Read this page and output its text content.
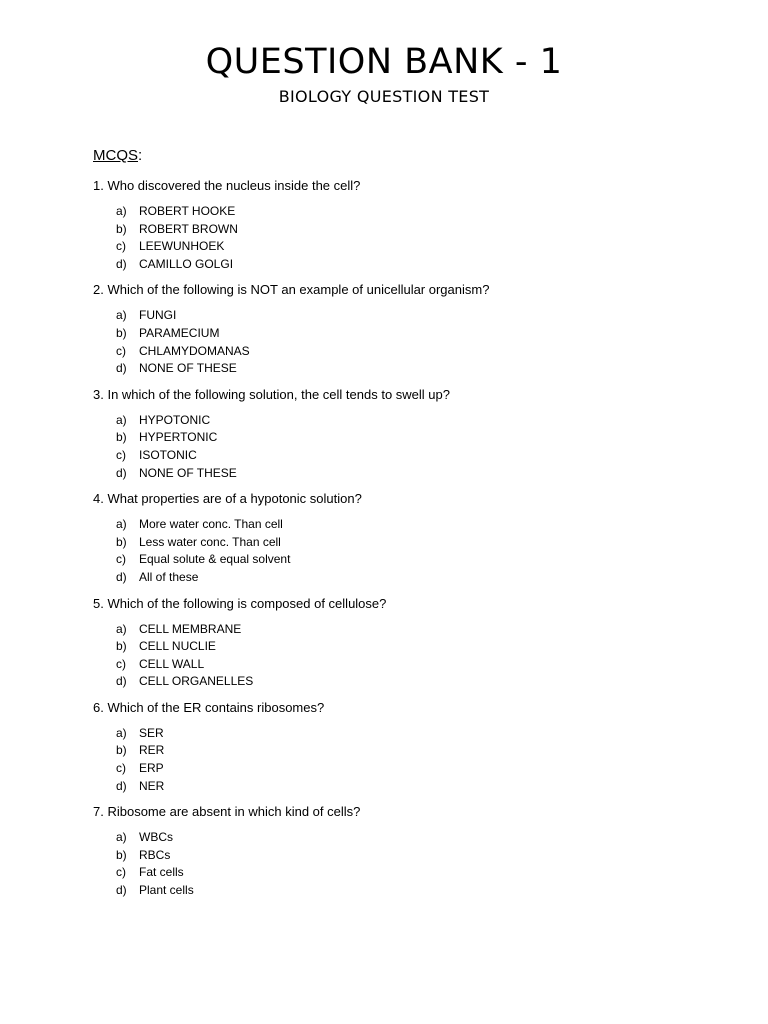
QUESTION BANK - 1
BIOLOGY QUESTION TEST
MCQS:
1. Who discovered the nucleus inside the cell?
a)	ROBERT HOOKE
b)	ROBERT BROWN
c)	LEEWUNHOEK
d)	CAMILLO GOLGI
2. Which of the following is NOT an example of unicellular organism?
a)	FUNGI
b)	PARAMECIUM
c)	CHLAMYDOMANAS
d)	NONE OF THESE
3. In which of the following solution, the cell tends to swell up?
a)	HYPOTONIC
b)	HYPERTONIC
c)	ISOTONIC
d)	NONE OF THESE
4. What properties are of a hypotonic solution?
a)	More water conc. Than cell
b)	Less water conc. Than cell
c)	Equal solute & equal solvent
d)	All of these
5. Which of the following is composed of cellulose?
a)	CELL MEMBRANE
b)	CELL NUCLIE
c)	CELL WALL
d)	CELL ORGANELLES
6. Which of the ER contains ribosomes?
a)	SER
b)	RER
c)	ERP
d)	NER
7. Ribosome are absent in which kind of cells?
a)	WBCs
b)	RBCs
c)	Fat cells
d)	Plant cells
